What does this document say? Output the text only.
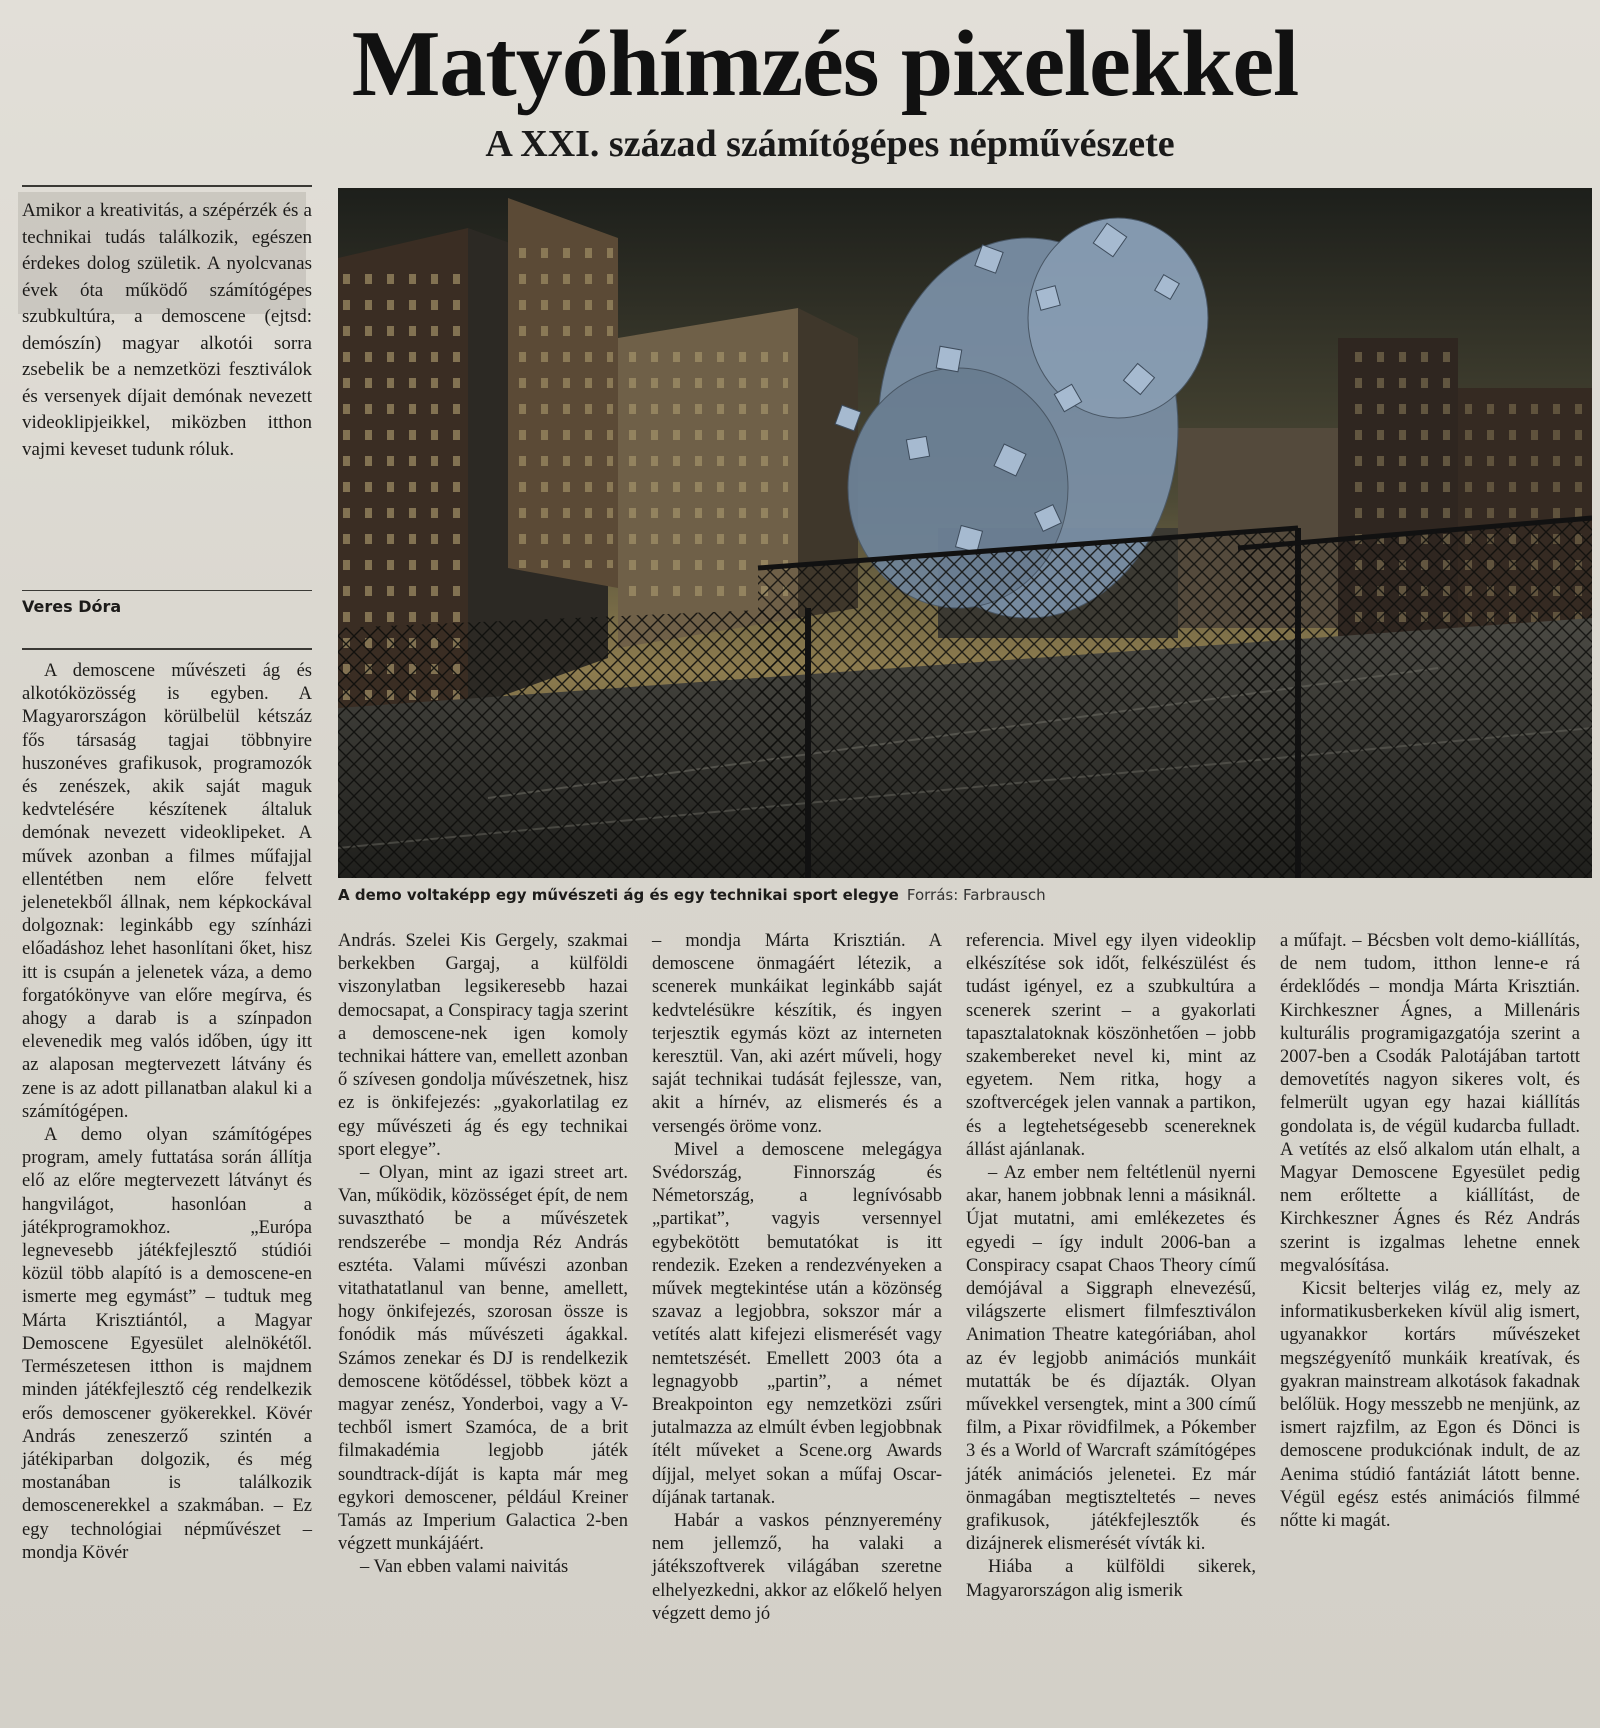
Matyóhímzés pixelekkel
A XXI. század számítógépes népművészete

Amikor a kreativitás, a szépérzék és a technikai tudás találkozik, egészen érdekes dolog születik. A nyolcvanas évek óta működő számítógépes szubkultúra, a demoscene (ejtsd: demószín) magyar alkotói sorra zsebelik be a nemzetközi fesztiválok és versenyek díjait demónak nevezett videoklipjeikkel, miközben itthon vajmi keveset tudunk róluk.

Veres Dóra

A demo voltaképp egy művészeti ág és egy technikai sport elegye Forrás: Farbrausch

A demoscene művészeti ág és alkotóközösség is egyben. A Magyarországon körülbelül kétszáz fős társaság tagjai többnyire huszonéves grafikusok, programozók és zenészek, akik saját maguk kedvtelésére készítenek általuk demónak nevezett videoklipeket. A művek azonban a filmes műfajjal ellentétben nem előre felvett jelenetekből állnak, nem képkockával dolgoznak: leginkább egy színházi előadáshoz lehet hasonlítani őket, hisz itt is csupán a jelenetek váza, a demo forgatókönyve van előre megírva, és ahogy a darab is a színpadon elevenedik meg valós időben, úgy itt az alaposan megtervezett látvány és zene is az adott pillanatban alakul ki a számítógépen.

A demo olyan számítógépes program, amely futtatása során állítja elő az előre megtervezett látványt és hangvilágot, hasonlóan a játékprogramokhoz. „Európa legnevesebb játékfejlesztő stúdiói közül több alapító is a demoscene-en ismerte meg egymást” – tudtuk meg Márta Krisztiántól, a Magyar Demoscene Egyesület alelnökétől. Természetesen itthon is majdnem minden játékfejlesztő cég rendelkezik erős demoscener gyökerekkel. Kövér András zeneszerző szintén a játékiparban dolgozik, és még mostanában is találkozik demoscenerekkel a szakmában. – Ez egy technológiai népművészet – mondja Kövér

András. Szelei Kis Gergely, szakmai berkekben Gargaj, a külföldi viszonylatban legsikeresebb hazai democsapat, a Conspiracy tagja szerint a demoscene-nek igen komoly technikai háttere van, emellett azonban ő szívesen gondolja művészetnek, hisz ez is önkifejezés: „gyakorlatilag ez egy művészeti ág és egy technikai sport elegye”.

– Olyan, mint az igazi street art. Van, működik, közösséget épít, de nem suvasztható be a művészetek rendszerébe – mondja Réz András esztéta. Valami művészi azonban vitathatatlanul van benne, amellett, hogy önkifejezés, szorosan össze is fonódik más művészeti ágakkal. Számos zenekar és DJ is rendelkezik demoscene kötődéssel, többek közt a magyar zenész, Yonderboi, vagy a V-techből ismert Szamóca, de a brit filmakadémia legjobb játék soundtrack-díját is kapta már meg egykori demoscener, például Kreiner Tamás az Imperium Galactica 2-ben végzett munkájáért.

– Van ebben valami naivitás

– mondja Márta Krisztián. A demoscene önmagáért létezik, a scenerek munkáikat leginkább saját kedvtelésükre készítik, és ingyen terjesztik egymás közt az interneten keresztül. Van, aki azért műveli, hogy saját technikai tudását fejlessze, van, akit a hírnév, az elismerés és a versengés öröme vonz.

Mivel a demoscene melegágya Svédország, Finnország és Németország, a legnívósabb „partikat”, vagyis versennyel egybekötött bemutatókat is itt rendezik. Ezeken a rendezvényeken a művek megtekintése után a közönség szavaz a legjobbra, sokszor már a vetítés alatt kifejezi elismerését vagy nemtetszését. Emellett 2003 óta a legnagyobb „partin”, a német Breakpointon egy nemzetközi zsűri jutalmazza az elmúlt évben legjobbnak ítélt műveket a Scene.org Awards díjjal, melyet sokan a műfaj Oscar-díjának tartanak.

Habár a vaskos pénznyeremény nem jellemző, ha valaki a játékszoftverek világában szeretne elhelyezkedni, akkor az előkelő helyen végzett demo jó

referencia. Mivel egy ilyen videoklip elkészítése sok időt, felkészülést és tudást igényel, ez a szubkultúra a scenerek szerint – a gyakorlati tapasztalatoknak köszönhetően – jobb szakembereket nevel ki, mint az egyetem. Nem ritka, hogy a szoftvercégek jelen vannak a partikon, és a legtehetségesebb scenereknek állást ajánlanak.

– Az ember nem feltétlenül nyerni akar, hanem jobbnak lenni a másiknál. Újat mutatni, ami emlékezetes és egyedi – így indult 2006-ban a Conspiracy csapat Chaos Theory című demójával a Siggraph elnevezésű, világszerte elismert filmfesztiválon Animation Theatre kategóriában, ahol az év legjobb animációs munkáit mutatták be és díjazták. Olyan művekkel versengtek, mint a 300 című film, a Pixar rövidfilmek, a Pókember 3 és a World of Warcraft számítógépes játék animációs jelenetei. Ez már önmagában megtiszteltetés – neves grafikusok, játékfejlesztők és dizájnerek elismerését vívták ki.

Hiába a külföldi sikerek, Magyarországon alig ismerik

a műfajt. – Bécsben volt demo-kiállítás, de nem tudom, itthon lenne-e rá érdeklődés – mondja Márta Krisztián. Kirchkeszner Ágnes, a Millenáris kulturális programigazgatója szerint a 2007-ben a Csodák Palotájában tartott demovetítés nagyon sikeres volt, és felmerült ugyan egy hazai kiállítás gondolata is, de végül kudarcba fulladt. A vetítés az első alkalom után elhalt, a Magyar Demoscene Egyesület pedig nem erőltette a kiállítást, de Kirchkeszner Ágnes és Réz András szerint is izgalmas lehetne ennek megvalósítása.

Kicsit belterjes világ ez, mely az informatikusberkeken kívül alig ismert, ugyanakkor kortárs művészeket megszégyenítő munkáik kreatívak, és gyakran mainstream alkotások fakadnak belőlük. Hogy messzebb ne menjünk, az ismert rajzfilm, az Egon és Dönci is demoscene produkciónak indult, de az Aenima stúdió fantáziát látott benne. Végül egész estés animációs filmmé nőtte ki magát.
